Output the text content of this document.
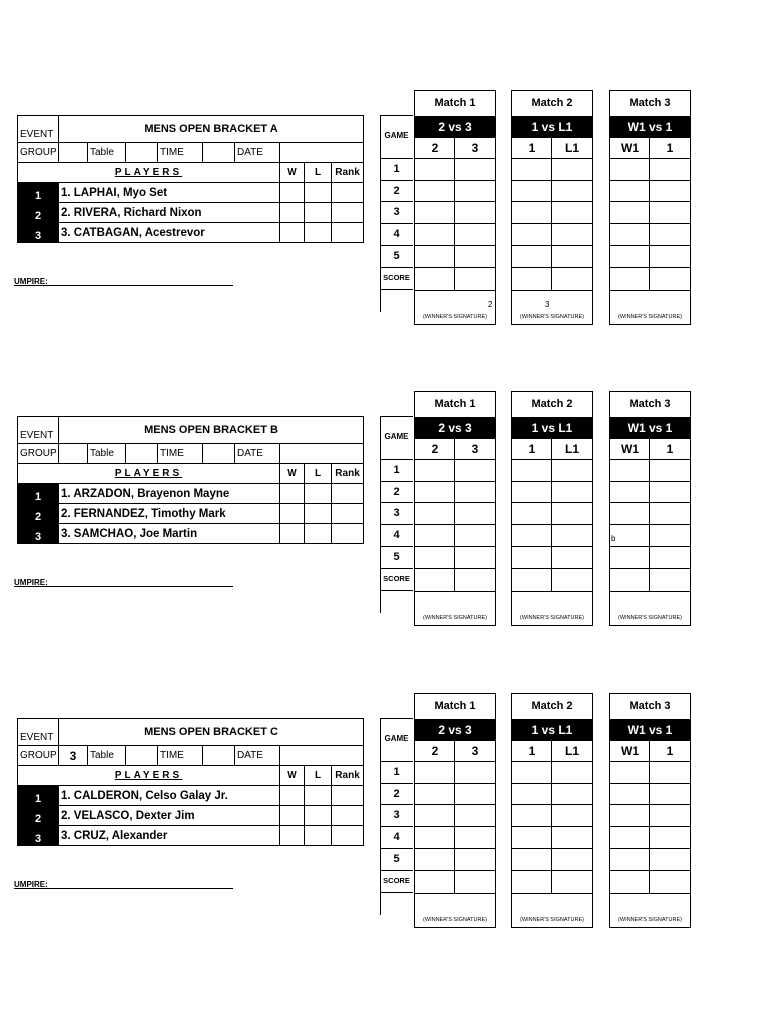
EVENT	MENS OPEN BRACKET A								
GROUP		Table		TIME		DATE			
PLAYERS							W	L	Rank
1	1. LAPHAI, Myo Set								
2	2. RIVERA, Richard Nixon								
3	3. CATBAGAN, Acestrevor								
UMPIRE:
GAME
1
2
3
4
5
SCORE
Match 1
2 vs 3
2	3
(WINNER'S SIGNATURE)
2
Match 2
1 vs L1
1	L1
(WINNER'S SIGNATURE)
3
Match 3
W1 vs 1
W1	1
(WINNER'S SIGNATURE)
EVENT	MENS OPEN BRACKET B								
GROUP		Table		TIME		DATE			
PLAYERS							W	L	Rank
1	1. ARZADON, Brayenon Mayne								
2	2. FERNANDEZ, Timothy Mark								
3	3. SAMCHAO, Joe Martin								
UMPIRE:
GAME
1
2
3
4
5
SCORE
Match 1
2 vs 3
2	3
(WINNER'S SIGNATURE)
Match 2
1 vs L1
1	L1
(WINNER'S SIGNATURE)
Match 3
W1 vs 1
W1	1
(WINNER'S SIGNATURE)
b
EVENT	MENS OPEN BRACKET C								
GROUP	3	Table		TIME		DATE			
PLAYERS							W	L	Rank
1	1. CALDERON, Celso Galay Jr.								
2	2. VELASCO, Dexter Jim								
3	3. CRUZ, Alexander								
UMPIRE:
GAME
1
2
3
4
5
SCORE
Match 1
2 vs 3
2	3
(WINNER'S SIGNATURE)
Match 2
1 vs L1
1	L1
(WINNER'S SIGNATURE)
Match 3
W1 vs 1
W1	1
(WINNER'S SIGNATURE)
